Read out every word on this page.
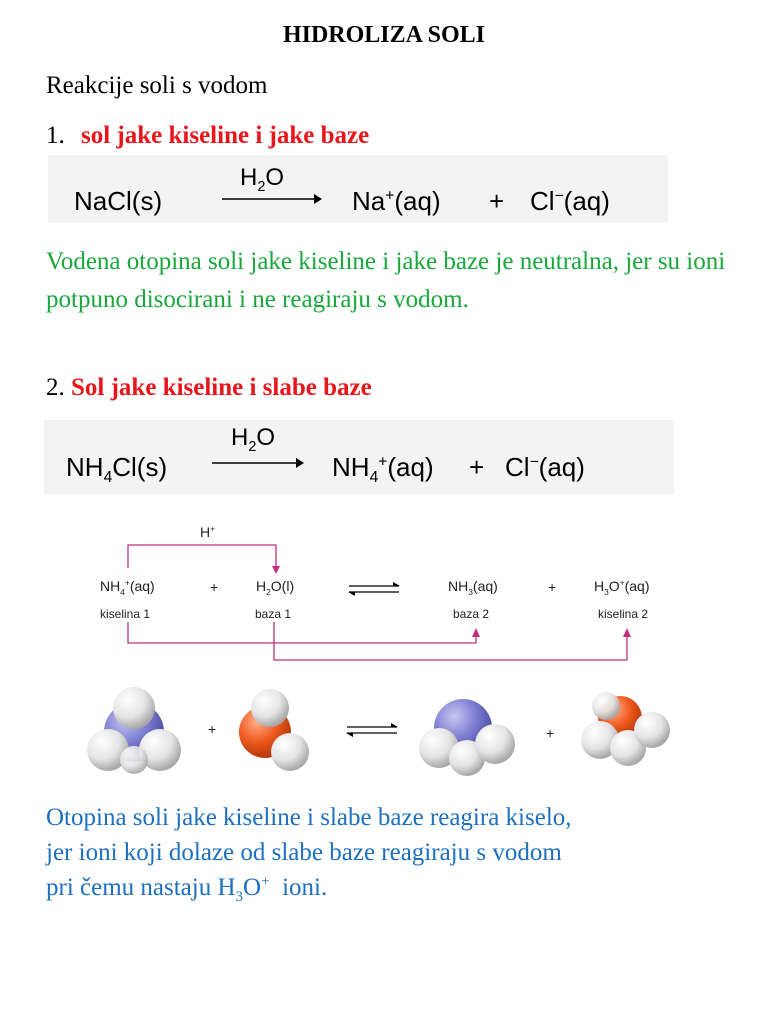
HIDROLIZA SOLI
Reakcije soli s vodom
1. sol jake kiseline i jake baze
NaCl(s)
$H_2O$
Na+(aq) + Cl−(aq)
Vodena otopina soli jake kiseline i jake baze je neutralna, jer su ioni potpuno disocirani i ne reagiraju s vodom.
2. Sol jake kiseline i slabe baze
$NH_4Cl(s)$
$H_2O$
$NH_4^+(aq) + Cl^-(aq)$
H+
$NH_4^+(aq)$
kiselina 1
+	$H_2O(l)$
baza 1
$NH_3(aq)$
baza 2
+	$H_3O^+(aq)$
kiselina 2
+	+
Otopina soli jake kiseline i slabe baze reagira kiselo,
jer ioni koji dolaze od slabe baze reagiraju s vodom
pri čemu nastaju $H_3O^+$  ioni.
